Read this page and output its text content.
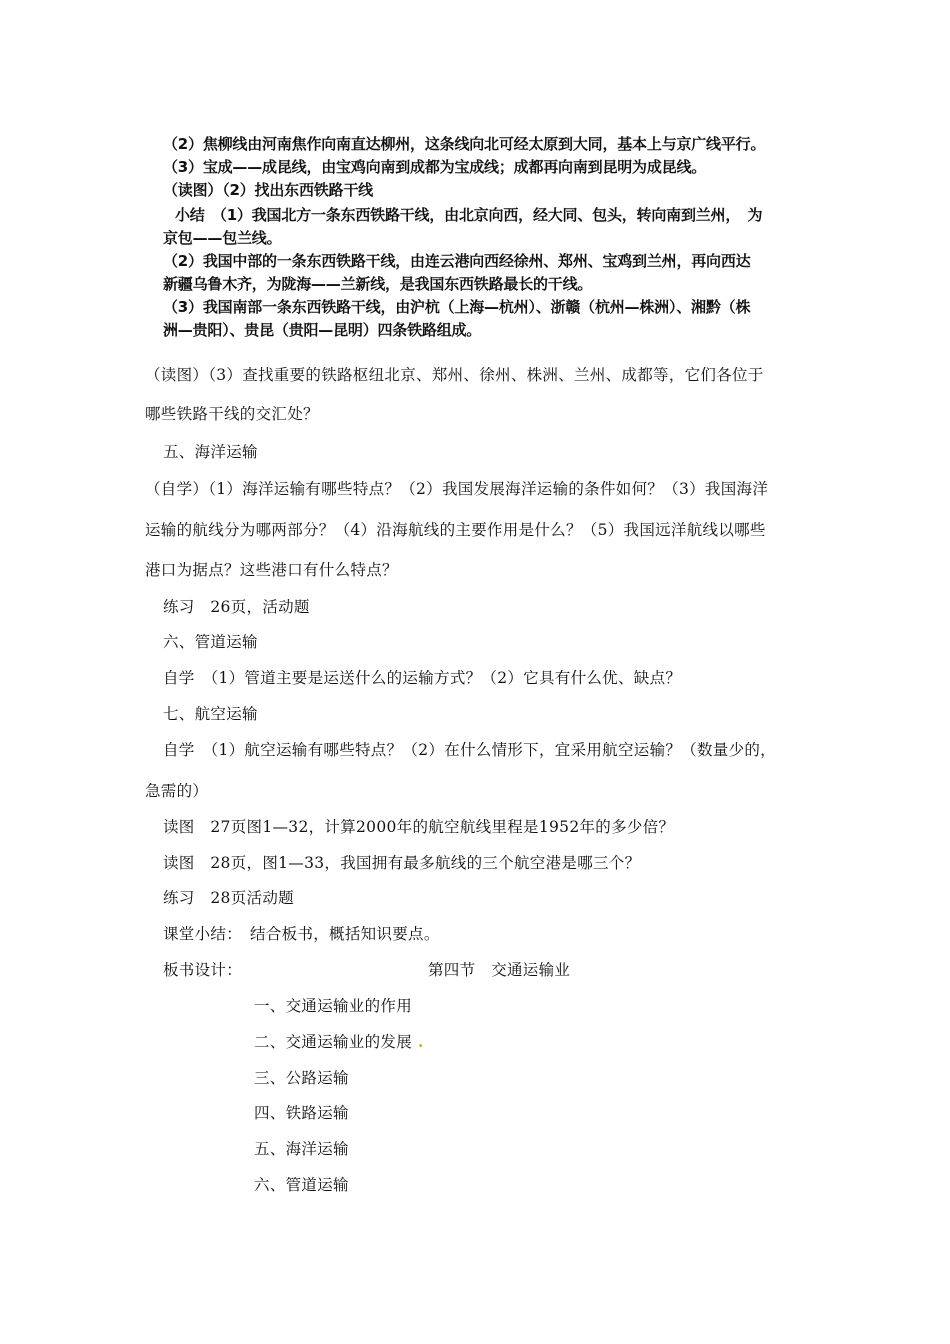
（2）焦柳线由河南焦作向南直达柳州，这条线向北可经太原到大同，基本上与京广线平行。
（3）宝成——成昆线，由宝鸡向南到成都为宝成线；成都再向南到昆明为成昆线。
（读图）（2）找出东西铁路干线
小结　（1）我国北方一条东西铁路干线，由北京向西，经大同、包头，转向南到兰州，　为
京包——包兰线。
（2）我国中部的一条东西铁路干线，由连云港向西经徐州、郑州、宝鸡到兰州，再向西达
新疆乌鲁木齐，为陇海——兰新线，是我国东西铁路最长的干线。
（3）我国南部一条东西铁路干线，由沪杭（上海—杭州）、浙赣（杭州—株洲）、湘黔（株
洲—贵阳）、贵昆（贵阳—昆明）四条铁路组成。
（读图）（3）查找重要的铁路枢纽北京、郑州、徐州、株洲、兰州、成都等，它们各位于
哪些铁路干线的交汇处？
五、海洋运输
（自学）（1）海洋运输有哪些特点？（2）我国发展海洋运输的条件如何？（3）我国海洋
运输的航线分为哪两部分？（4）沿海航线的主要作用是什么？（5）我国远洋航线以哪些
港口为据点？这些港口有什么特点？
练习　26页，活动题
六、管道运输
自学　（1）管道主要是运送什么的运输方式？（2）它具有什么优、缺点？
七、航空运输
自学　（1）航空运输有哪些特点？（2）在什么情形下，宜采用航空运输？（数量少的，
急需的）
读图　27页图1—32，计算2000年的航空航线里程是1952年的多少倍？
读图　28页，图1—33，我国拥有最多航线的三个航空港是哪三个？
练习　28页活动题
课堂小结：　结合板书，概括知识要点。
板书设计：	第四节　交通运输业
一、交通运输业的作用
二、交通运输业的发展 .
三、公路运输
四、铁路运输
五、海洋运输
六、管道运输
